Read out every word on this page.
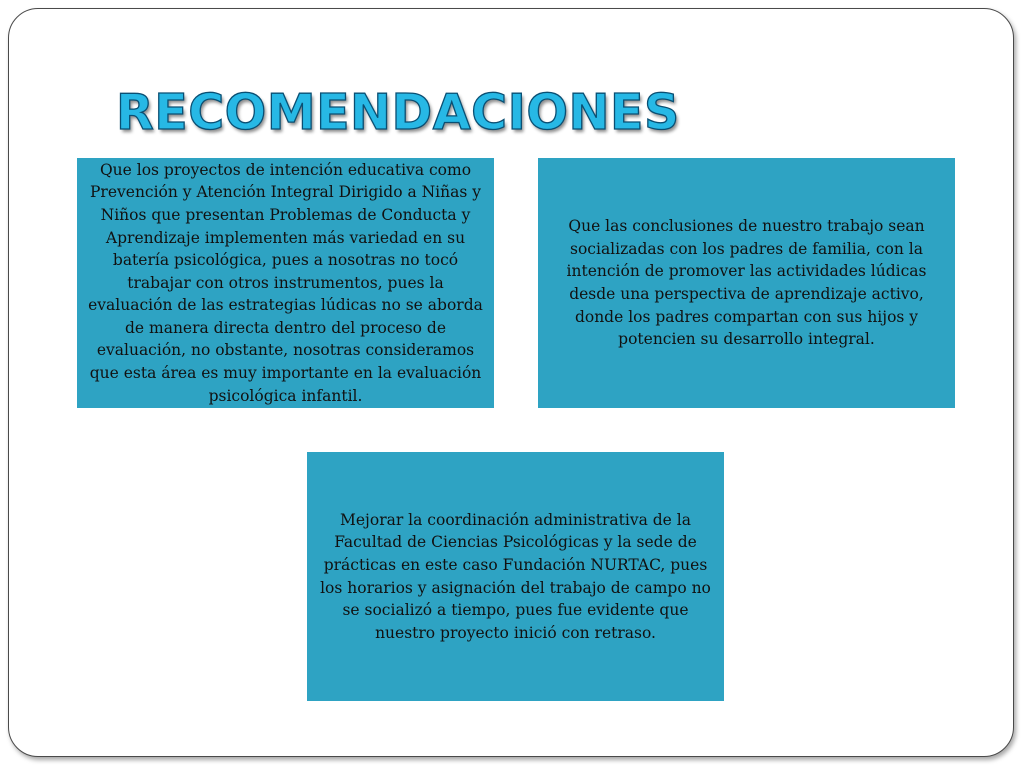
RECOMENDACIONES

Que los proyectos de intención educativa como Prevención y Atención Integral Dirigido a Niñas y Niños que presentan Problemas de Conducta y Aprendizaje implementen más variedad en su batería psicológica, pues a nosotras no tocó trabajar con otros instrumentos, pues la evaluación de las estrategias lúdicas no se aborda de manera directa dentro del proceso de evaluación, no obstante, nosotras consideramos que esta área es muy importante en la evaluación psicológica infantil.

Que las conclusiones de nuestro trabajo sean socializadas con los padres de familia, con la intención de promover las actividades lúdicas desde una perspectiva de aprendizaje activo, donde los padres compartan con sus hijos y potencien su desarrollo integral.

Mejorar la coordinación administrativa de la Facultad de Ciencias Psicológicas y la sede de prácticas en este caso Fundación NURTAC, pues los horarios y asignación del trabajo de campo no se socializó a tiempo, pues fue evidente que nuestro proyecto inició con retraso.
